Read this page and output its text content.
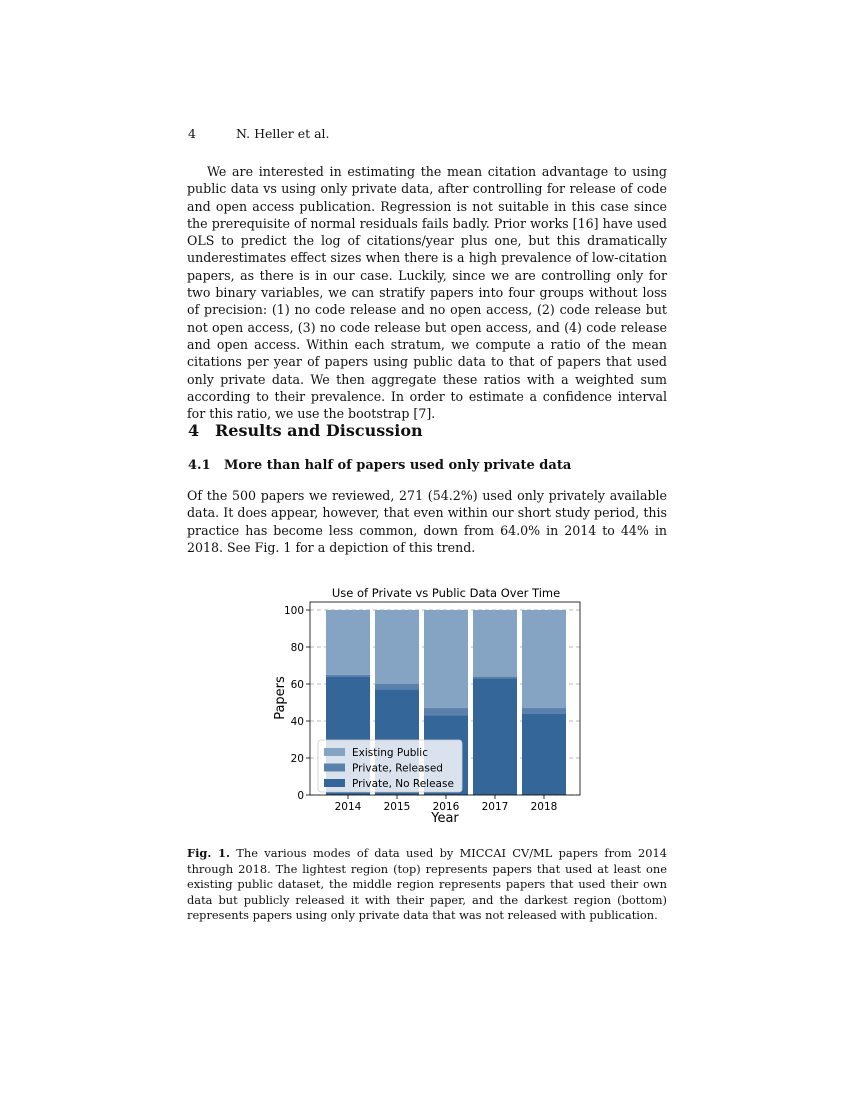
4	N. Heller et al.

We are interested in estimating the mean citation advantage to using public data vs using only private data, after controlling for release of code and open access publication. Regression is not suitable in this case since the prerequisite of normal residuals fails badly. Prior works [16] have used OLS to predict the log of citations/year plus one, but this dramatically underestimates effect sizes when there is a high prevalence of low-citation papers, as there is in our case. Luckily, since we are controlling only for two binary variables, we can stratify papers into four groups without loss of precision: (1) no code release and no open access, (2) code release but not open access, (3) no code release but open access, and (4) code release and open access. Within each stratum, we compute a ratio of the mean citations per year of papers using public data to that of papers that used only private data. We then aggregate these ratios with a weighted sum according to their prevalence. In order to estimate a confidence interval for this ratio, we use the bootstrap [7].

4 Results and Discussion
4.1 More than half of papers used only private data

Of the 500 papers we reviewed, 271 (54.2%) used only privately available data. It does appear, however, that even within our short study period, this practice has become less common, down from 64.0% in 2014 to 44% in 2018. See Fig. 1 for a depiction of this trend.

Use of Private vs Public Data Over Time
0
20
40
60
80
100
2014 2015 2016 2017 2018
Year
Papers
Existing Public
Private, Released
Private, No Release

Fig. 1. The various modes of data used by MICCAI CV/ML papers from 2014 through 2018. The lightest region (top) represents papers that used at least one existing public dataset, the middle region represents papers that used their own data but publicly released it with their paper, and the darkest region (bottom) represents papers using only private data that was not released with publication.
